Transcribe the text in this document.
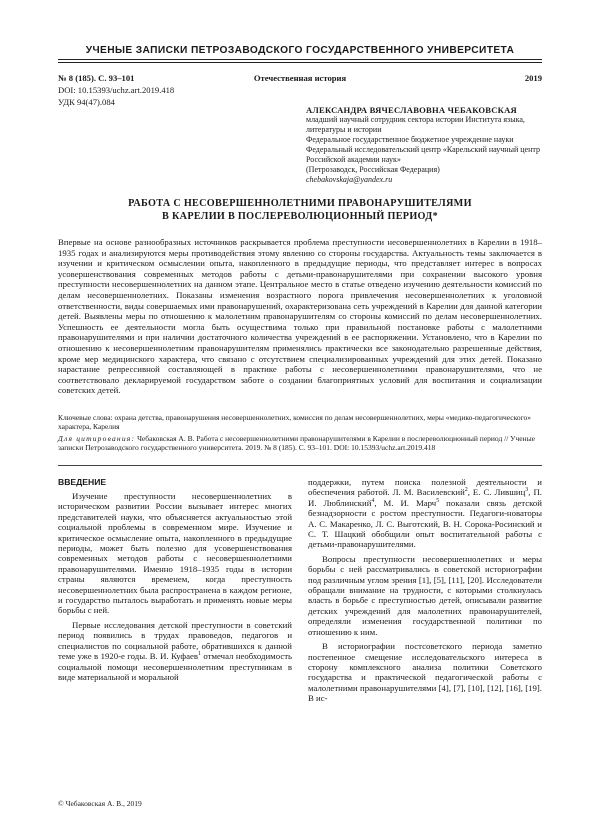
УЧЕНЫЕ ЗАПИСКИ ПЕТРОЗАВОДСКОГО ГОСУДАРСТВЕННОГО УНИВЕРСИТЕТА
№ 8 (185). С. 93–101	Отечественная история	2019
DOI: 10.15393/uchz.art.2019.418
УДК 94(47).084
АЛЕКСАНДРА ВЯЧЕСЛАВОВНА ЧЕБАКОВСКАЯ
младший научный сотрудник сектора истории Института языка, литературы и истории
Федеральное государственное бюджетное учреждение науки Федеральный исследовательский центр «Карельский научный центр Российской академии наук»
(Петрозаводск, Российская Федерация)
chebakovskaja@yandex.ru
РАБОТА С НЕСОВЕРШЕННОЛЕТНИМИ ПРАВОНАРУШИТЕЛЯМИ
В КАРЕЛИИ В ПОСЛЕРЕВОЛЮЦИОННЫЙ ПЕРИОД*
Впервые на основе разнообразных источников раскрывается проблема преступности несовершеннолетних в Карелии в 1918–1935 годах и анализируются меры противодействия этому явлению со стороны государства. Актуальность темы заключается в изучении и критическом осмыслении опыта, накопленного в предыдущие периоды, что представляет интерес в вопросах усовершенствования современных методов работы с детьми-правонарушителями при сохранении высокого уровня преступности несовершеннолетних на данном этапе. Центральное место в статье отведено изучению деятельности комиссий по делам несовершеннолетних. Показаны изменения возрастного порога привлечения несовершеннолетних к уголовной ответственности, виды совершаемых ими правонарушений, охарактеризована сеть учреждений в Карелии для данной категории детей. Выявлены меры по отношению к малолетним правонарушителям со стороны комиссий по делам несовершеннолетних. Успешность ее деятельности могла быть осуществима только при правильной постановке работы с малолетними правонарушителями и при наличии достаточного количества учреждений в ее распоряжении. Установлено, что в Карелии по отношению к несовершеннолетним правонарушителям применялись практически все законодательно разрешенные действия, кроме мер медицинского характера, что связано с отсутствием специализированных учреждений для этих детей. Показано нарастание репрессивной составляющей в практике работы с несовершеннолетними правонарушителями, что не соответствовало декларируемой государством заботе о создании благоприятных условий для воспитания и социализации советских детей.
Ключевые слова: охрана детства, правонарушения несовершеннолетних, комиссия по делам несовершеннолетних, меры «медико-педагогического» характера, Карелия
Для цитирования: Чебаковская А. В. Работа с несовершеннолетними правонарушителями в Карелии в послереволюционный период // Ученые записки Петрозаводского государственного университета. 2019. № 8 (185). С. 93–101. DOI: 10.15393/uchz.art.2019.418
ВВЕДЕНИЕ

Изучение преступности несовершеннолетних в историческом развитии России вызывает интерес многих представителей науки, что объясняется актуальностью этой социальной проблемы в современном мире. Изучение и критическое осмысление опыта, накопленного в предыдущие периоды, может быть полезно для усовершенствования современных методов работы с несовершеннолетними правонарушителями. Именно 1918–1935 годы в истории страны являются временем, когда преступность несовершеннолетних была распространена в каждом регионе, и государство пыталось выработать и применять новые меры борьбы с ней.

Первые исследования детской преступности в советский период появились в трудах правоведов, педагогов и специалистов по социальной работе, обратившихся к данной теме уже в 1920-е годы. В. И. Куфаев$^1$ отмечал необходимость социальной помощи несовершеннолетним преступникам в виде материальной и моральной

поддержки, путем поиска полезной деятельности и обеспечения работой. Л. М. Василевский$^2$, Е. С. Лившиц$^3$, П. И. Люблинский$^4$, М. И. Марч$^5$ показали связь детской безнадзорности с ростом преступности. Педагоги-новаторы А. С. Макаренко, Л. С. Выготский, В. Н. Сорока-Росинский и С. Т. Шацкий обобщили опыт воспитательной работы с детьми-правонарушителями.

Вопросы преступности несовершеннолетних и меры борьбы с ней рассматривались в советской историографии под различным углом зрения [1], [5], [11], [20]. Исследователи обращали внимание на трудности, с которыми столкнулась власть в борьбе с преступностью детей, описывали развитие детских учреждений для малолетних правонарушителей, определяли изменения государственной политики по отношению к ним.

В историографии постсоветского периода заметно постепенное смещение исследовательского интереса в сторону комплексного анализа политики Советского государства и практической педагогической работы с малолетними правонарушителями [4], [7], [10], [12], [16], [19]. В ис-

© Чебаковская А. В., 2019
